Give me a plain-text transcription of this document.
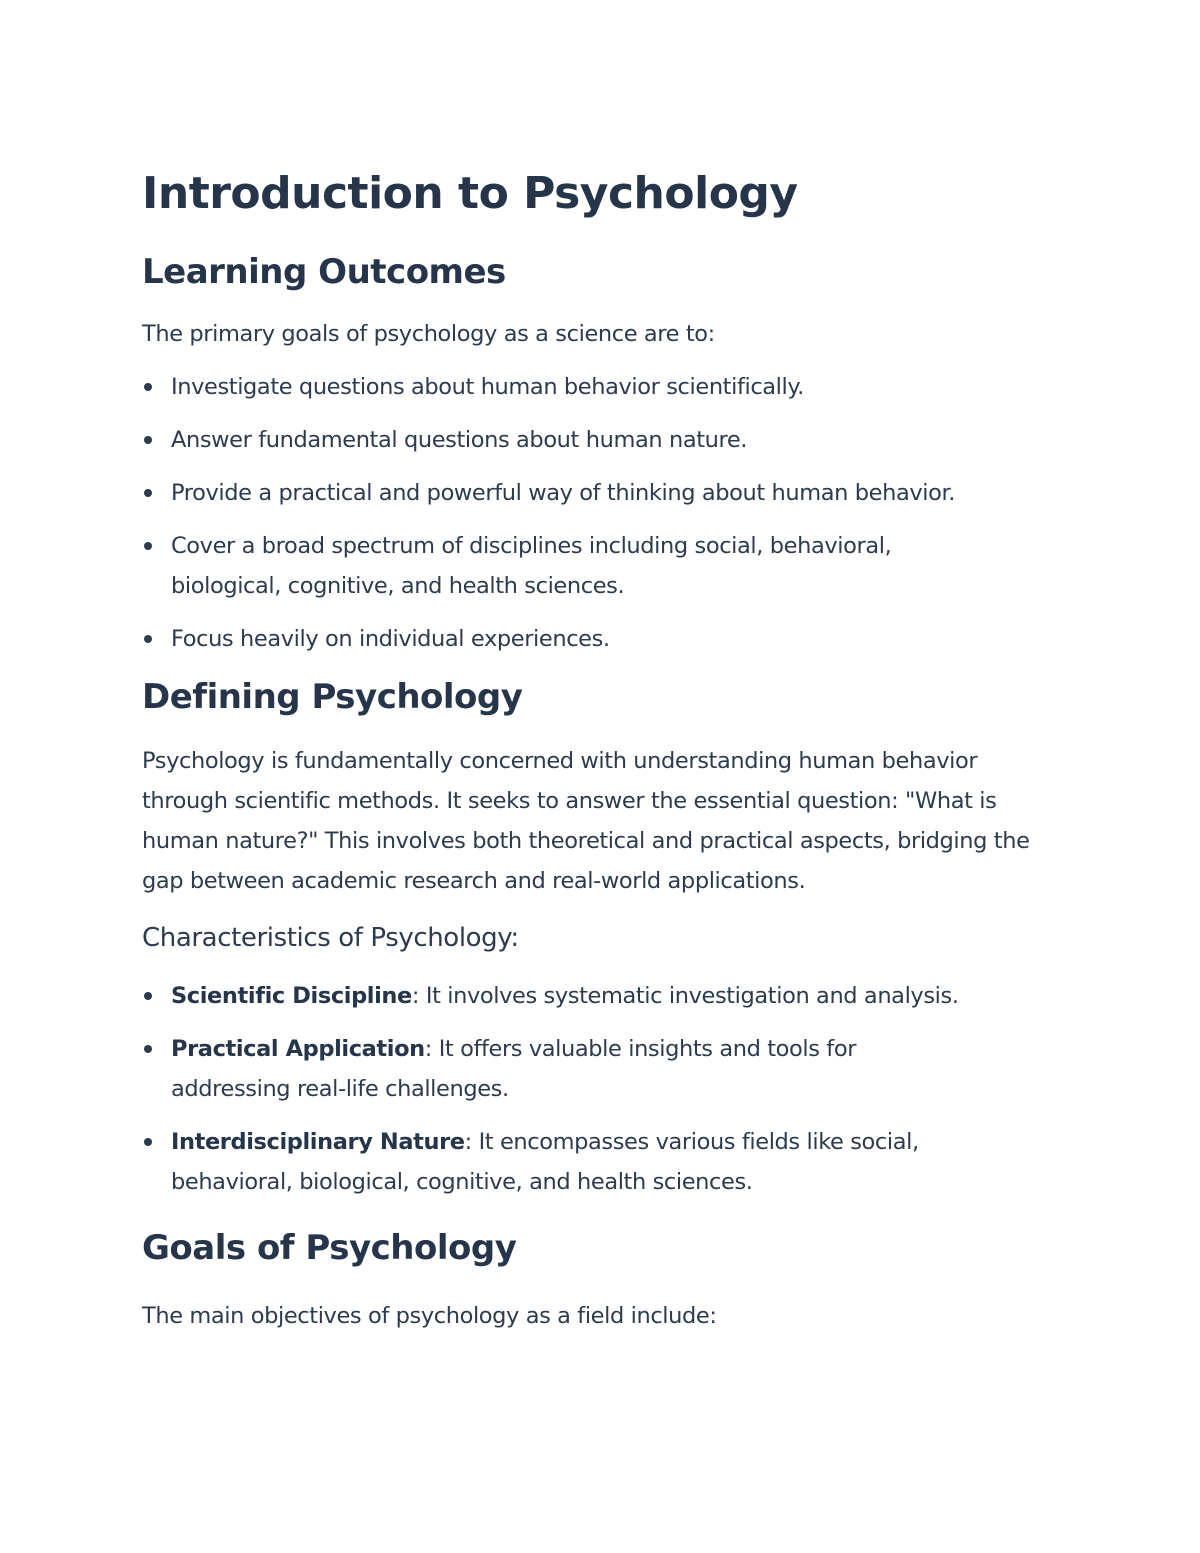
Introduction to Psychology
Learning Outcomes

The primary goals of psychology as a science are to:

Investigate questions about human behavior scientifically.
Answer fundamental questions about human nature.
Provide a practical and powerful way of thinking about human behavior.
Cover a broad spectrum of disciplines including social, behavioral, biological, cognitive, and health sciences.
Focus heavily on individual experiences.
Defining Psychology

Psychology is fundamentally concerned with understanding human behavior through scientific methods. It seeks to answer the essential question: "What is human nature?" This involves both theoretical and practical aspects, bridging the gap between academic research and real-world applications.

Characteristics of Psychology:
Scientific Discipline: It involves systematic investigation and analysis.
Practical Application: It offers valuable insights and tools for addressing real-life challenges.
Interdisciplinary Nature: It encompasses various fields like social, behavioral, biological, cognitive, and health sciences.
Goals of Psychology

The main objectives of psychology as a field include:
